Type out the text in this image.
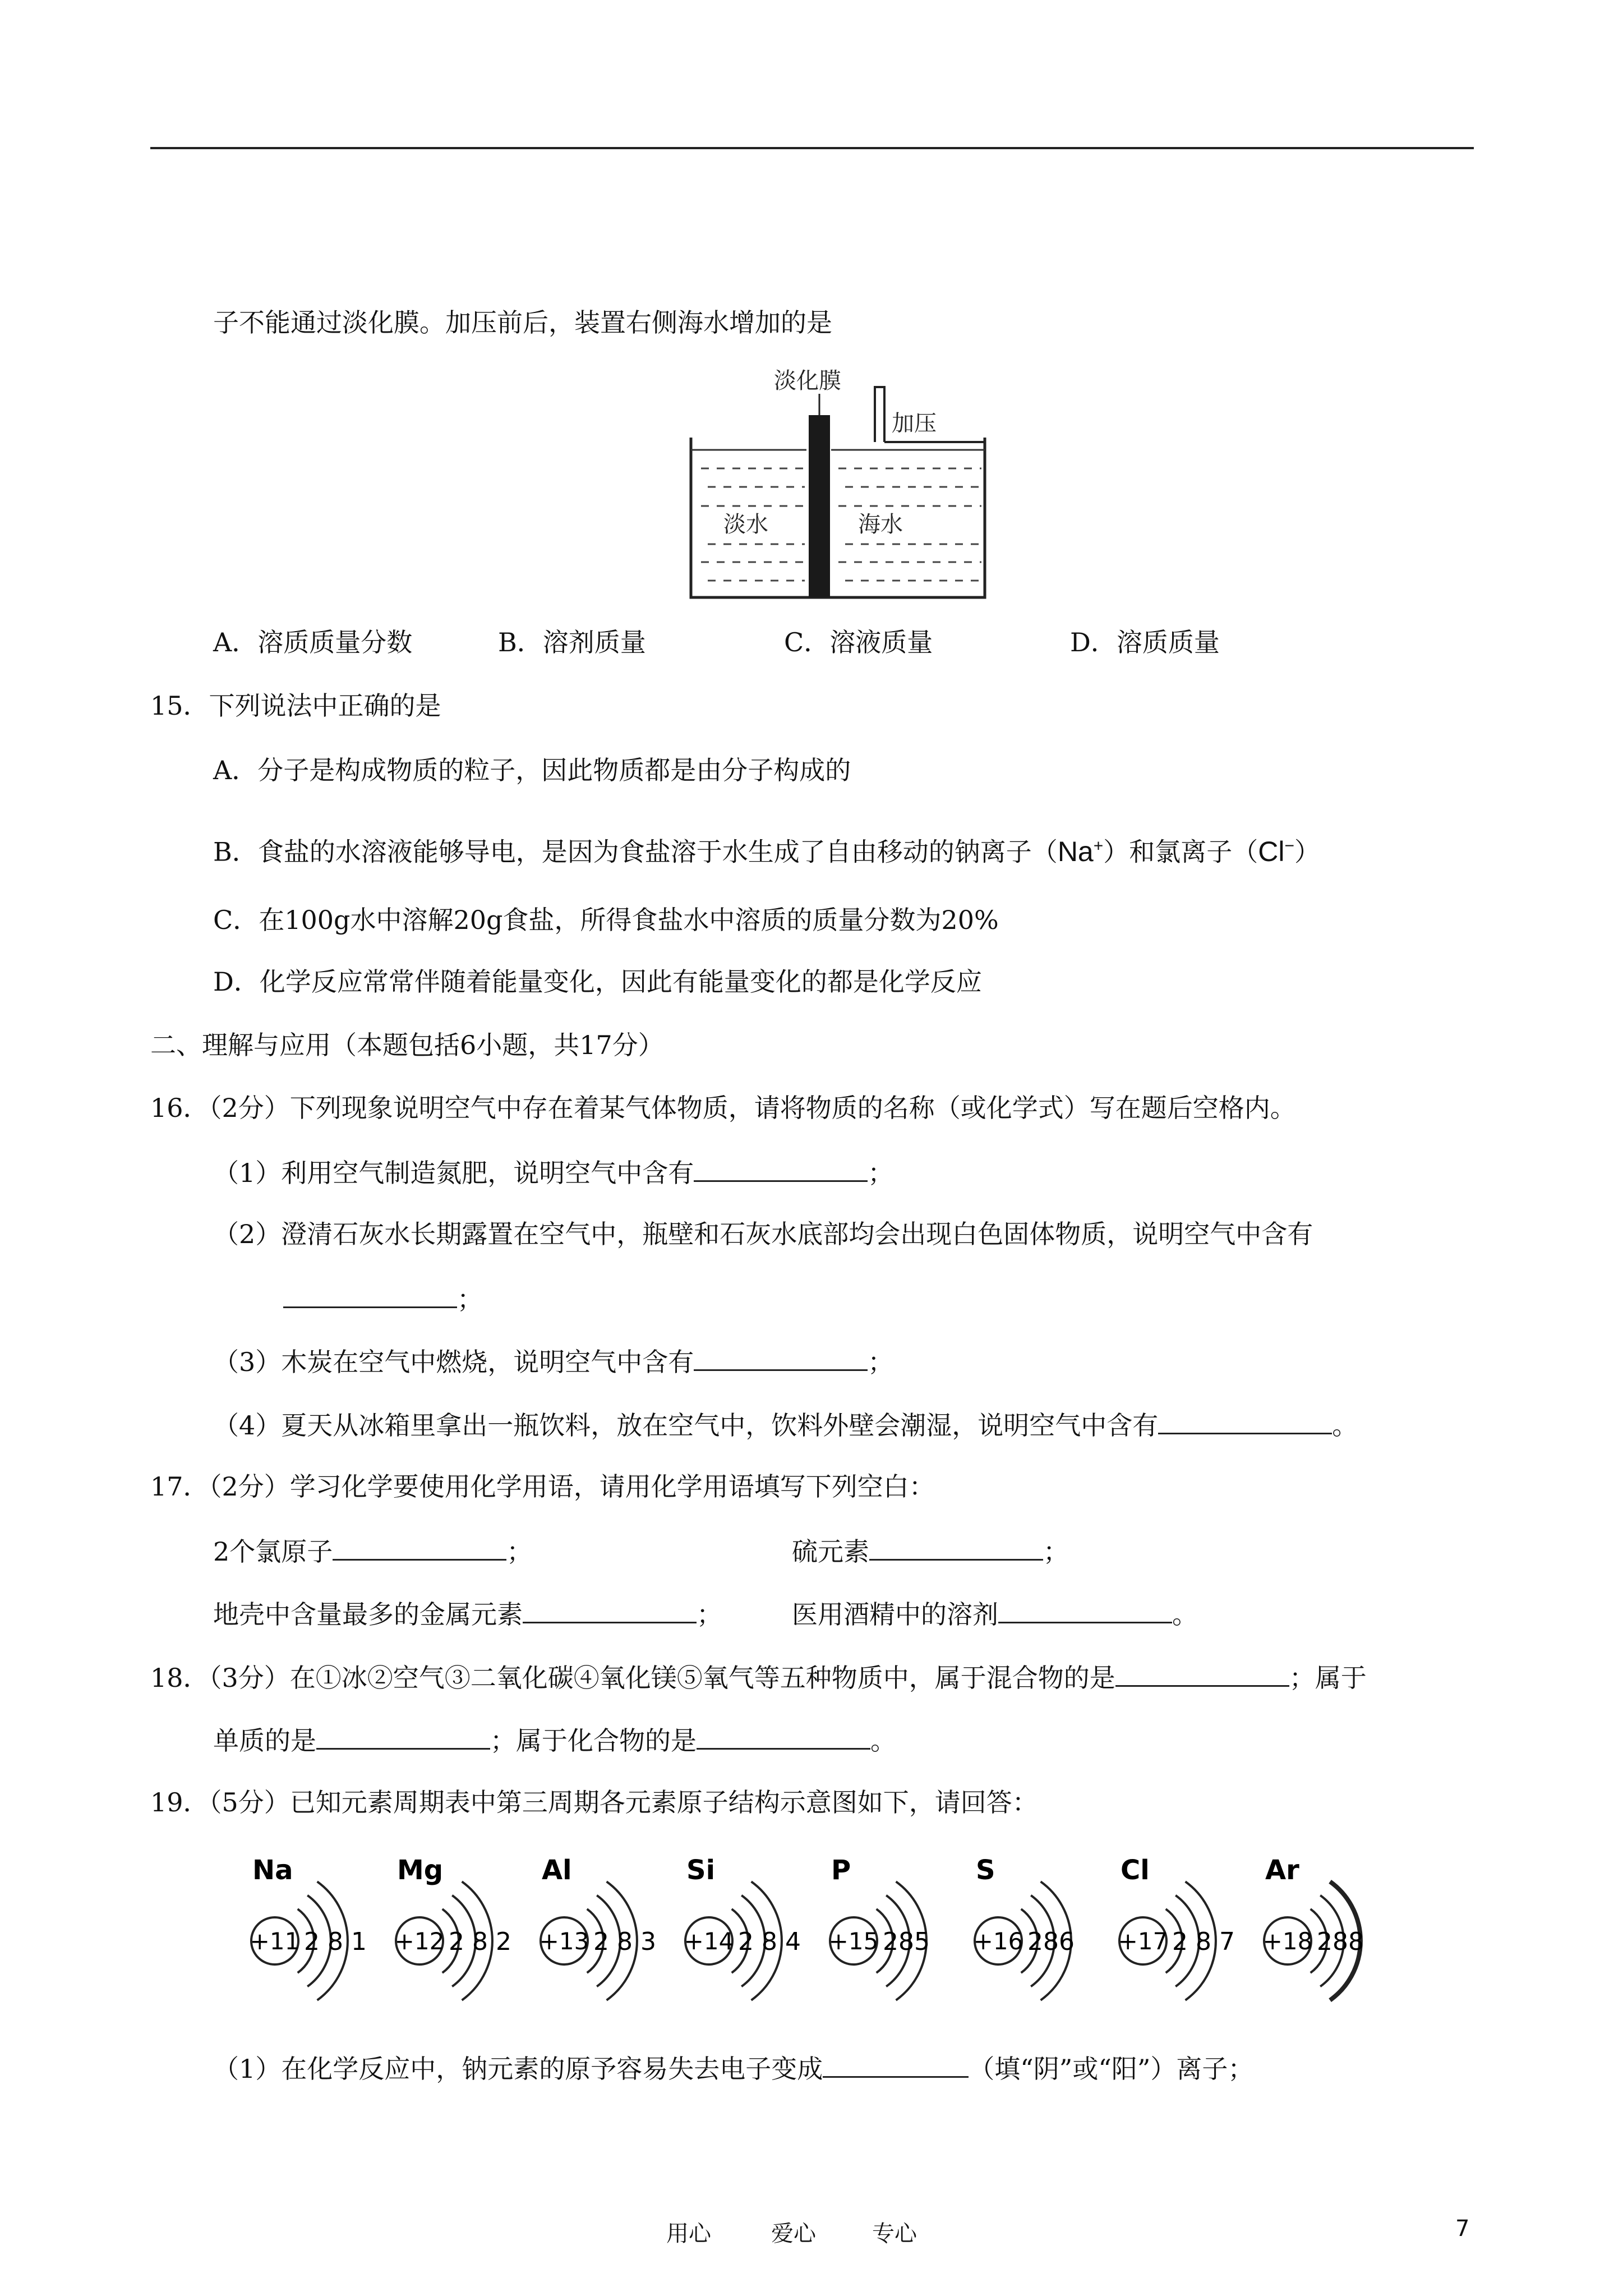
子不能通过淡化膜。加压前后，装置右侧海水增加的是
淡化膜
加压
淡水	海水
A．溶质质量分数	B．溶剂质量	C．溶液质量	D．溶质质量
15．下列说法中正确的是
A．分子是构成物质的粒子，因此物质都是由分子构成的
B．食盐的水溶液能够导电，是因为食盐溶于水生成了自由移动的钠离子（Na+）和氯离子（Cl−）
C．在100g水中溶解20g食盐，所得食盐水中溶质的质量分数为20%
D．化学反应常常伴随着能量变化，因此有能量变化的都是化学反应
二、理解与应用（本题包括6小题，共17分）
16．（2分）下列现象说明空气中存在着某气体物质，请将物质的名称（或化学式）写在题后空格内。
（1）利用空气制造氮肥，说明空气中含有	；
（2）澄清石灰水长期露置在空气中，瓶壁和石灰水底部均会出现白色固体物质，说明空气中含有
；
（3）木炭在空气中燃烧，说明空气中含有	；
（4）夏天从冰箱里拿出一瓶饮料，放在空气中，饮料外壁会潮湿，说明空气中含有	。
17．（2分）学习化学要使用化学用语，请用化学用语填写下列空白：
2个氯原子	；	硫元素	；
地壳中含量最多的金属元素	；	医用酒精中的溶剂	。
18．（3分）在①冰②空气③二氧化碳④氧化镁⑤氧气等五种物质中，属于混合物的是	；属于
单质的是	；属于化合物的是	。
19．（5分）已知元素周期表中第三周期各元素原子结构示意图如下，请回答：
Na
+11 2 8 1
Mg
+12 2 8 2
Al
+13 2 8 3
Si
+14 2 8 4
P
+15 285
S
+16 286
Cl
+17 2 8 7
Ar
+18 288
（1）在化学反应中，钠元素的原予容易失去电子变成	（填“阴”或“阳”）离子；
用心	爱心	专心	7
